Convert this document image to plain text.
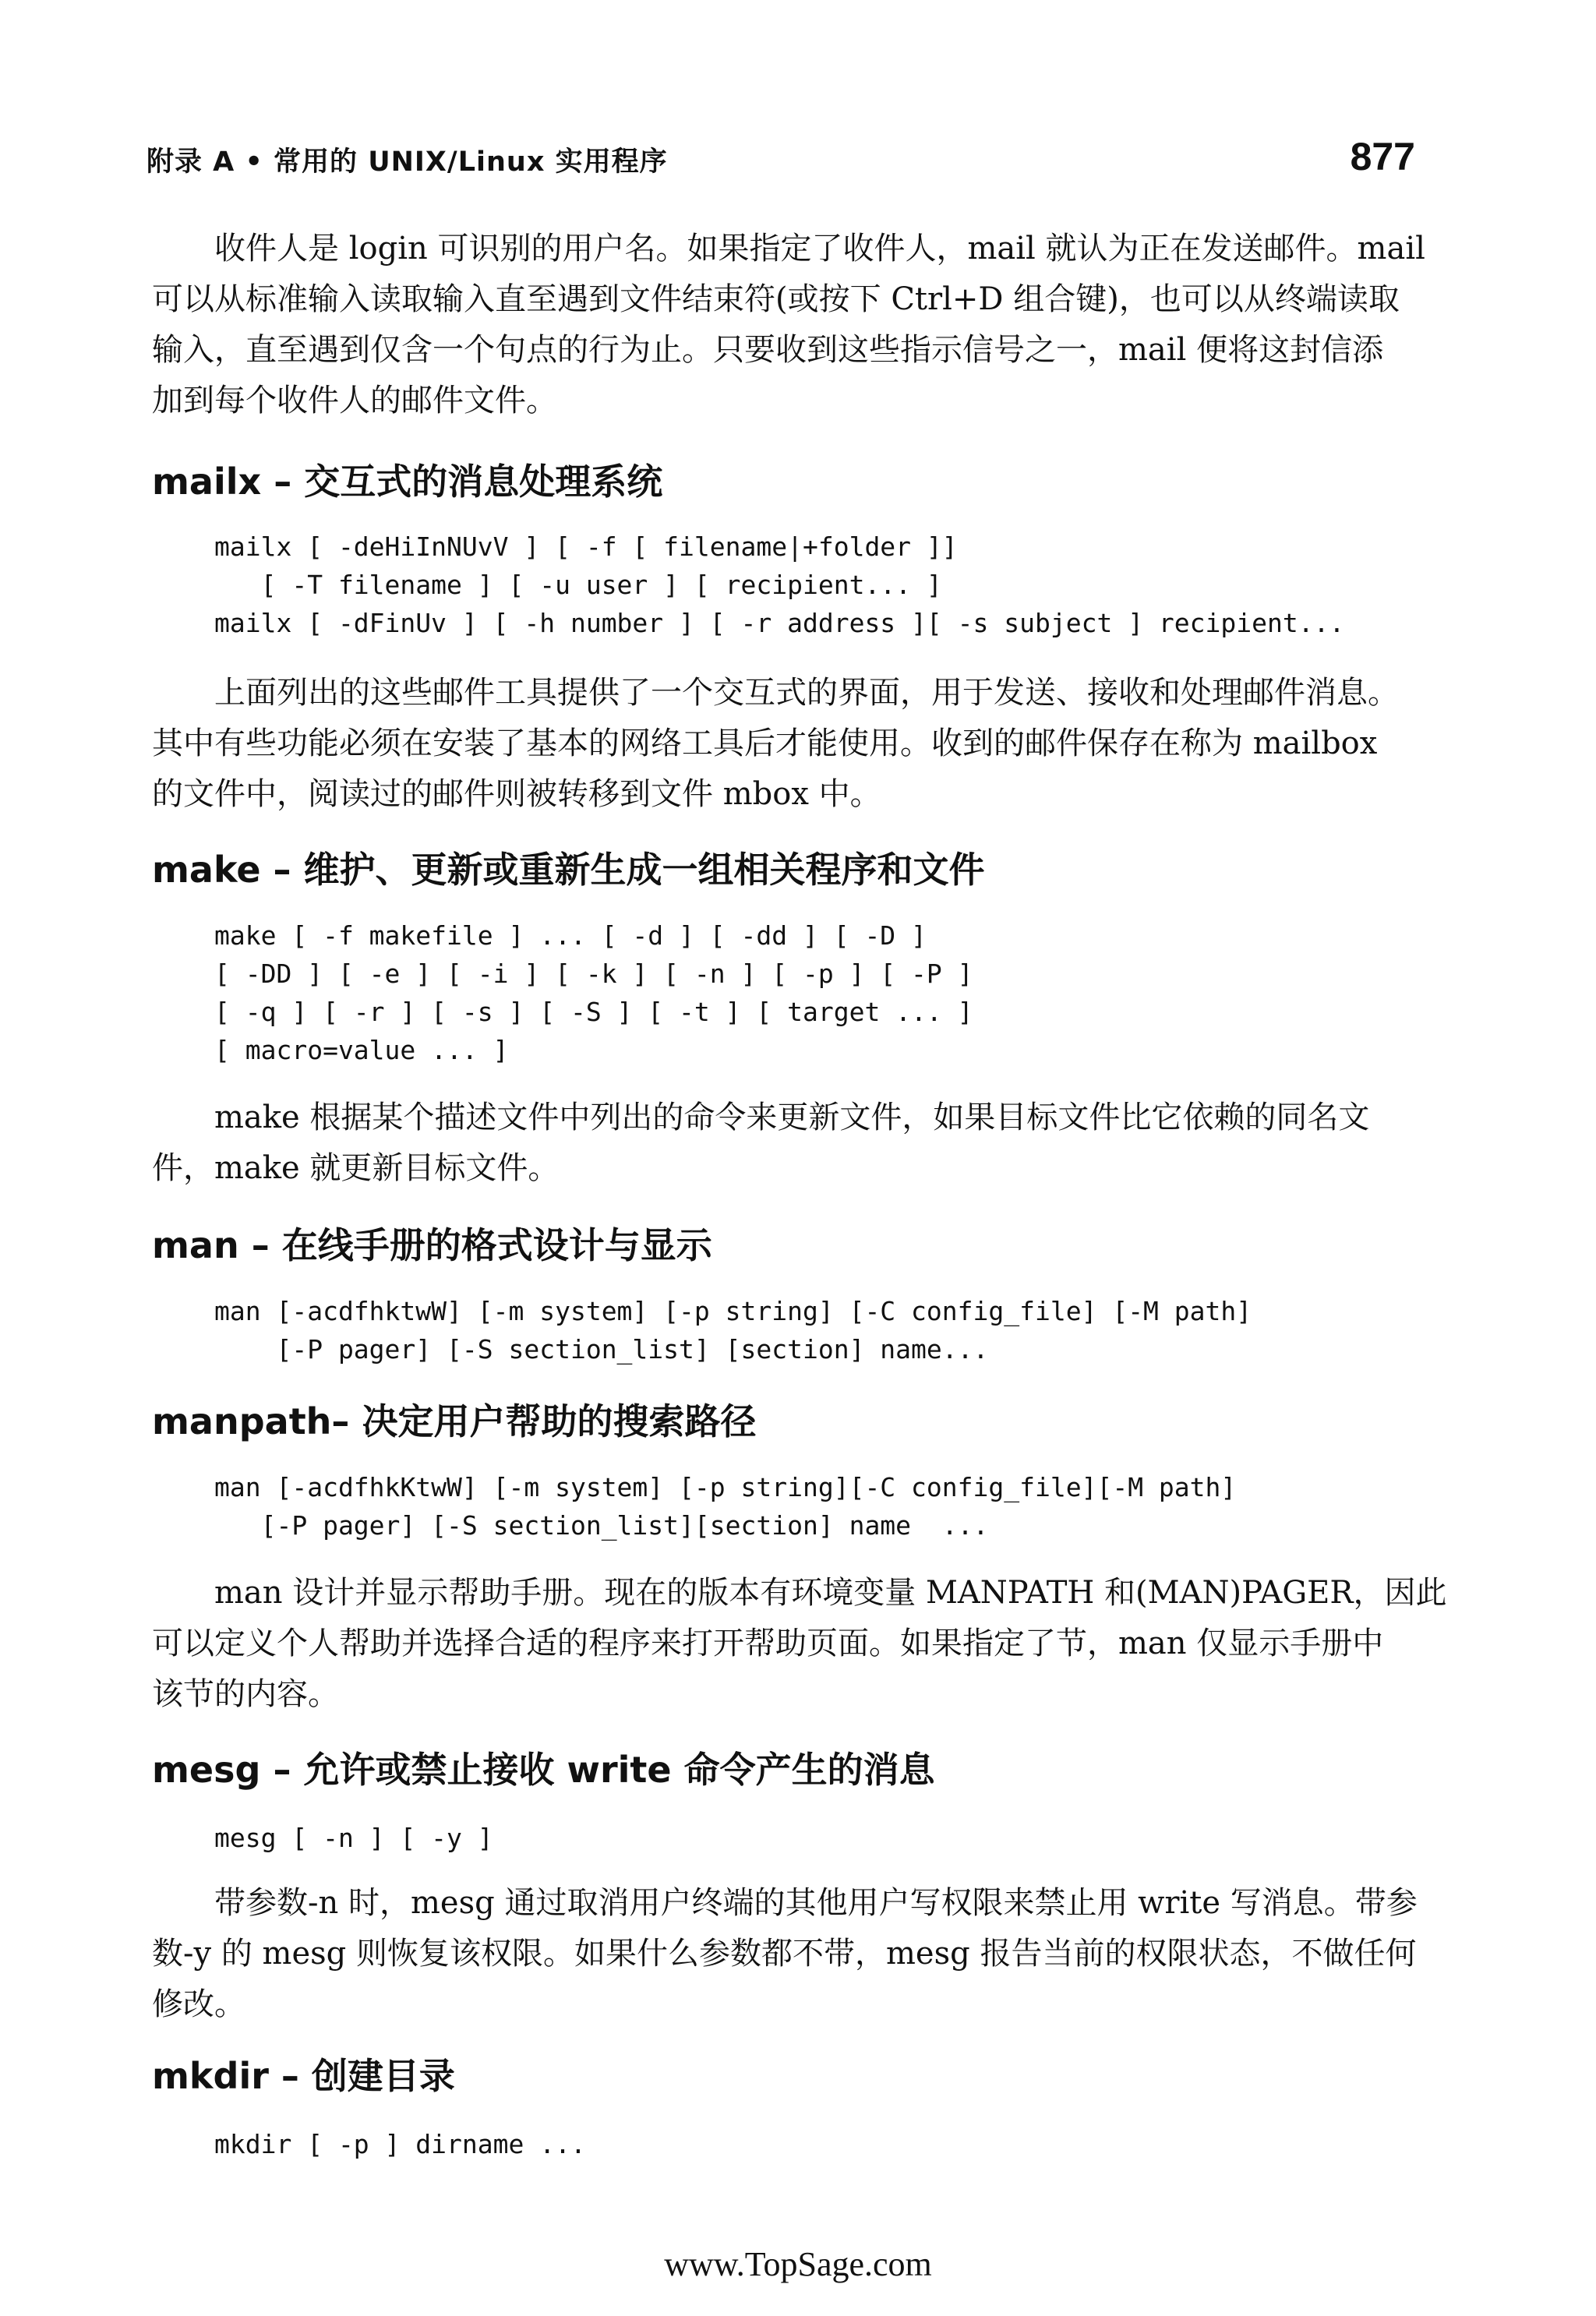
附录 A • 常用的 UNIX/Linux 实用程序	877
收件人是 login 可识别的用户名。如果指定了收件人，mail 就认为正在发送邮件。mail
可以从标准输入读取输入直至遇到文件结束符(或按下 Ctrl+D 组合键)，也可以从终端读取
输入，直至遇到仅含一个句点的行为止。只要收到这些指示信号之一，mail 便将这封信添
加到每个收件人的邮件文件。
mailx – 交互式的消息处理系统
mailx [ -deHiInNUvV ] [ -f [ filename|+folder ]]
[ -T filename ] [ -u user ] [ recipient... ]
mailx [ -dFinUv ] [ -h number ] [ -r address ][ -s subject ] recipient...
上面列出的这些邮件工具提供了一个交互式的界面，用于发送、接收和处理邮件消息。
其中有些功能必须在安装了基本的网络工具后才能使用。收到的邮件保存在称为 mailbox
的文件中，阅读过的邮件则被转移到文件 mbox 中。
make – 维护、更新或重新生成一组相关程序和文件
make [ -f makefile ] ... [ -d ] [ -dd ] [ -D ]
[ -DD ] [ -e ] [ -i ] [ -k ] [ -n ] [ -p ] [ -P ]
[ -q ] [ -r ] [ -s ] [ -S ] [ -t ] [ target ... ]
[ macro=value ... ]
make 根据某个描述文件中列出的命令来更新文件，如果目标文件比它依赖的同名文
件，make 就更新目标文件。
man – 在线手册的格式设计与显示
man [-acdfhktwW] [-m system] [-p string] [-C config_file] [-M path]
[-P pager] [-S section_list] [section] name...
manpath– 决定用户帮助的搜索路径
man [-acdfhkKtwW] [-m system] [-p string][-C config_file][-M path]
[-P pager] [-S section_list][section] name  ...
man 设计并显示帮助手册。现在的版本有环境变量 MANPATH 和(MAN)PAGER，因此
可以定义个人帮助并选择合适的程序来打开帮助页面。如果指定了节，man 仅显示手册中
该节的内容。
mesg – 允许或禁止接收 write 命令产生的消息
mesg [ -n ] [ -y ]
带参数-n 时，mesg 通过取消用户终端的其他用户写权限来禁止用 write 写消息。带参
数-y 的 mesg 则恢复该权限。如果什么参数都不带，mesg 报告当前的权限状态，不做任何
修改。
mkdir – 创建目录
mkdir [ -p ] dirname ...
www.TopSage.com
